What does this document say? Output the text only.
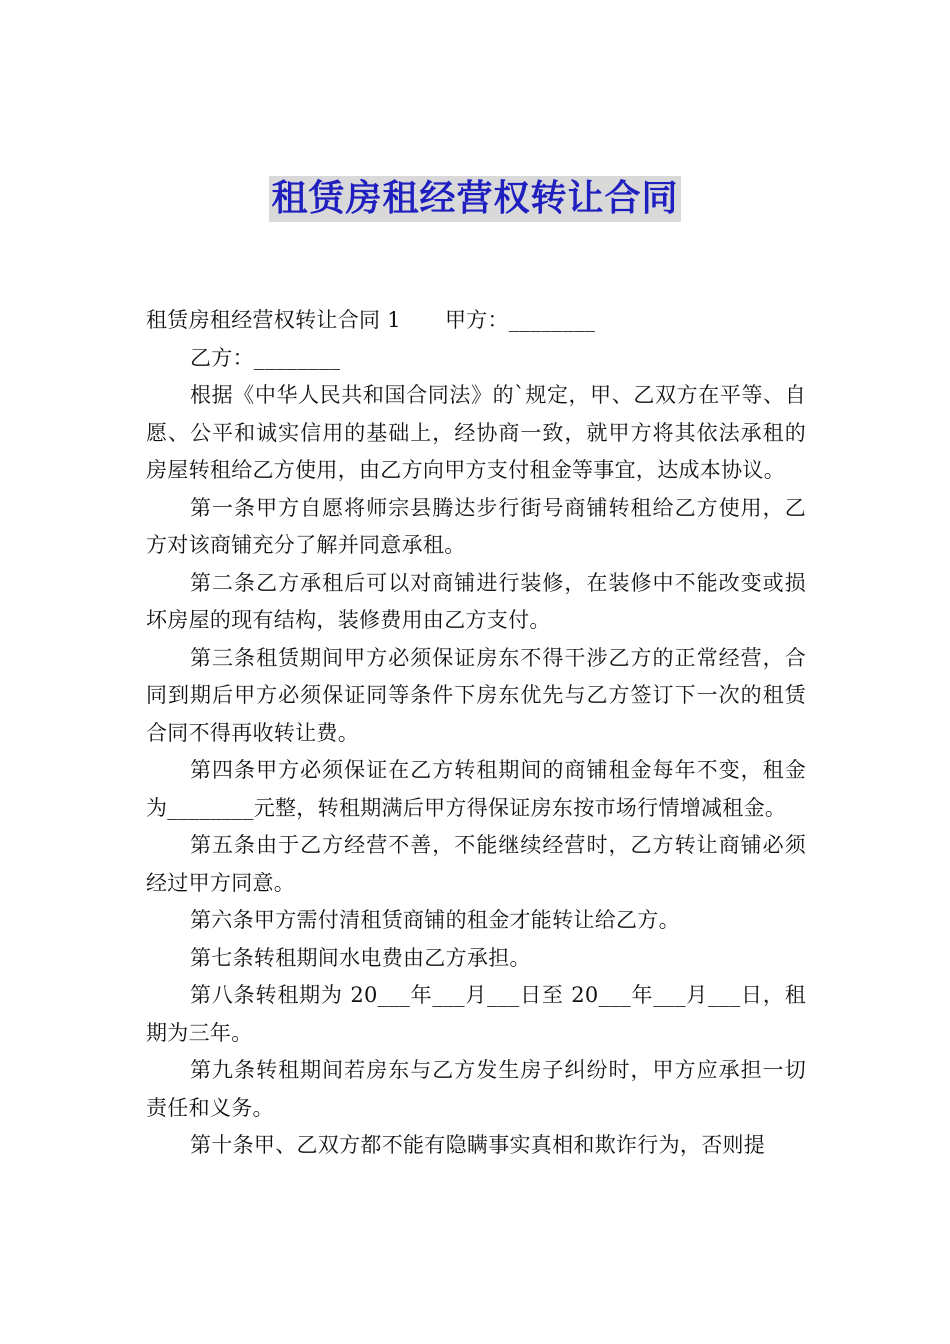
租赁房租经营权转让合同

租赁房租经营权转让合同 1 甲方：________

乙方：________

根据《中华人民共和国合同法》的`规定，甲、乙双方在平等、自愿、公平和诚实信用的基础上，经协商一致，就甲方将其依法承租的房屋转租给乙方使用，由乙方向甲方支付租金等事宜，达成本协议。

第一条甲方自愿将师宗县腾达步行街号商铺转租给乙方使用，乙方对该商铺充分了解并同意承租。

第二条乙方承租后可以对商铺进行装修，在装修中不能改变或损坏房屋的现有结构，装修费用由乙方支付。

第三条租赁期间甲方必须保证房东不得干涉乙方的正常经营，合同到期后甲方必须保证同等条件下房东优先与乙方签订下一次的租赁合同不得再收转让费。

第四条甲方必须保证在乙方转租期间的商铺租金每年不变，租金为________元整，转租期满后甲方得保证房东按市场行情增减租金。

第五条由于乙方经营不善，不能继续经营时，乙方转让商铺必须经过甲方同意。

第六条甲方需付清租赁商铺的租金才能转让给乙方。

第七条转租期间水电费由乙方承担。

第八条转租期为 20___年___月___日至 20___年___月___日，租期为三年。

第九条转租期间若房东与乙方发生房子纠纷时，甲方应承担一切责任和义务。

第十条甲、乙双方都不能有隐瞒事实真相和欺诈行为，否则提
